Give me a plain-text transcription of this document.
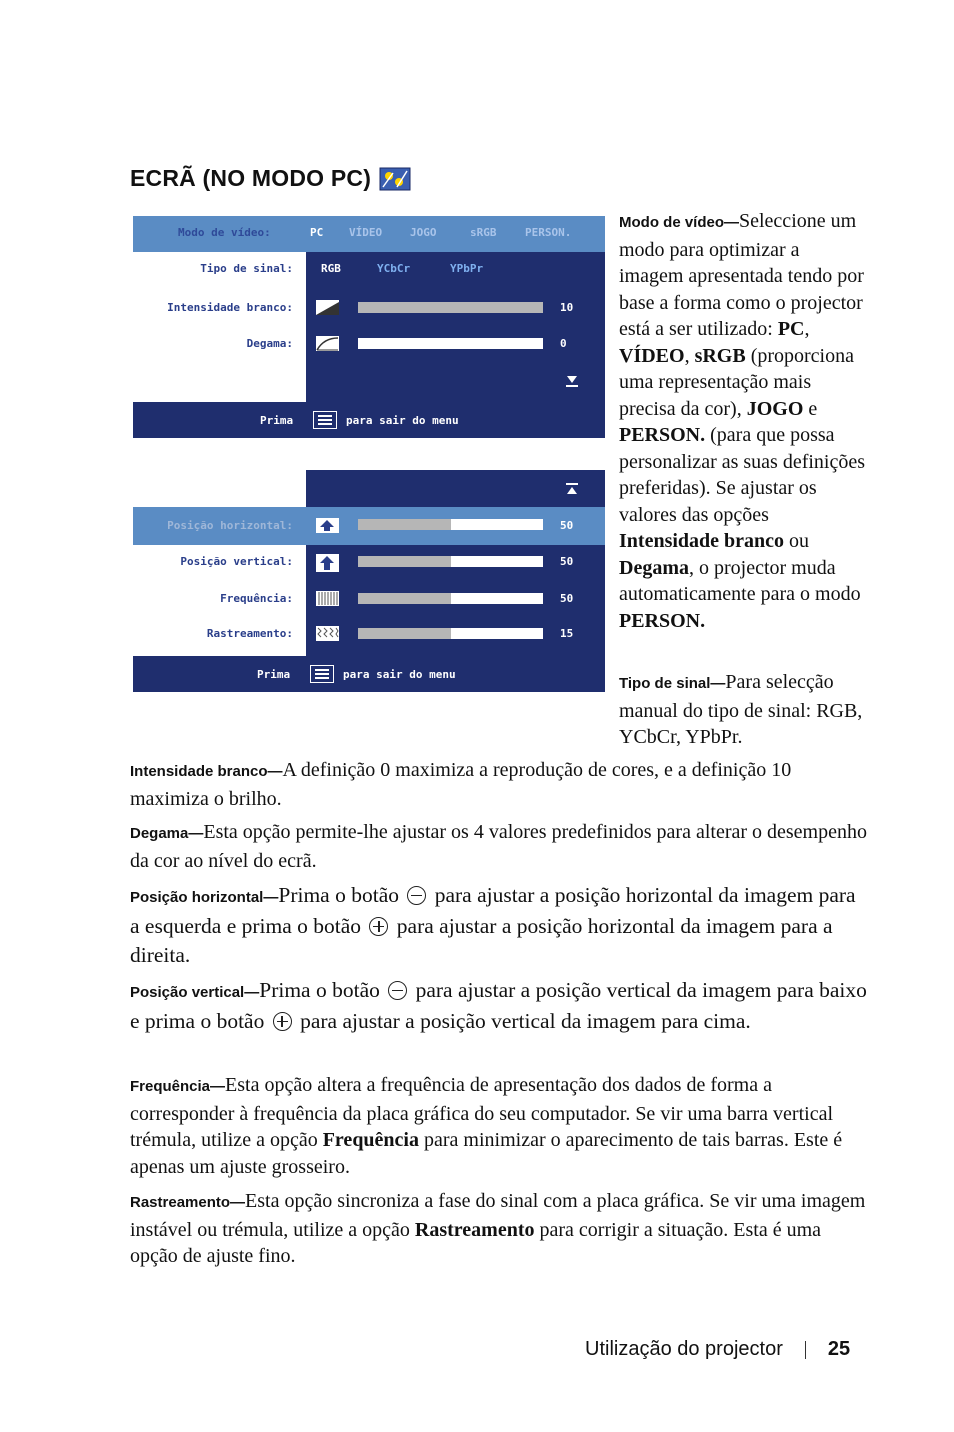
ECRÃ (NO MODO PC)
Modo de vídeo:	PC VÍDEO	JOGO	sRGB	PERSON.
Tipo de sinal:	RGB	YCbCr	YPbPr
Intensidade branco:	10
Degama:	0
Prima	para sair do menu
Posição horizontal:	50
Posição vertical:	50
Frequência:	50
Rastreamento:	15
Prima	para sair do menu
Modo de vídeo—Seleccione um modo para optimizar a imagem apresentada tendo por base a forma como o projector está a ser utilizado: PC, VÍDEO, sRGB (proporciona uma representação mais precisa da cor), JOGO e PERSON. (para que possa personalizar as suas definições preferidas). Se ajustar os valores das opções Intensidade branco ou Degama, o projector muda automaticamente para o modo PERSON.
Tipo de sinal—Para selecção manual do tipo de sinal: RGB, YCbCr, YPbPr.
Intensidade branco—A definição 0 maximiza a reprodução de cores, e a definição 10 maximiza o brilho.
Degama—Esta opção permite-lhe ajustar os 4 valores predefinidos para alterar o desempenho da cor ao nível do ecrã.
Posição horizontal—Prima o botão  para ajustar a posição horizontal da imagem para a esquerda e prima o botão  para ajustar a posição horizontal da imagem para a direita.
Posição vertical—Prima o botão  para ajustar a posição vertical da imagem para baixo e prima o botão  para ajustar a posição vertical da imagem para cima.
Frequência—Esta opção altera a frequência de apresentação dos dados de forma a corresponder à frequência da placa gráfica do seu computador. Se vir uma barra vertical trémula, utilize a opção Frequência para minimizar o aparecimento de tais barras. Este é apenas um ajuste grosseiro.
Rastreamento—Esta opção sincroniza a fase do sinal com a placa gráfica. Se vir uma imagem instável ou trémula, utilize a opção Rastreamento para corrigir a situação. Esta é uma opção de ajuste fino.
Utilização do projector 25
